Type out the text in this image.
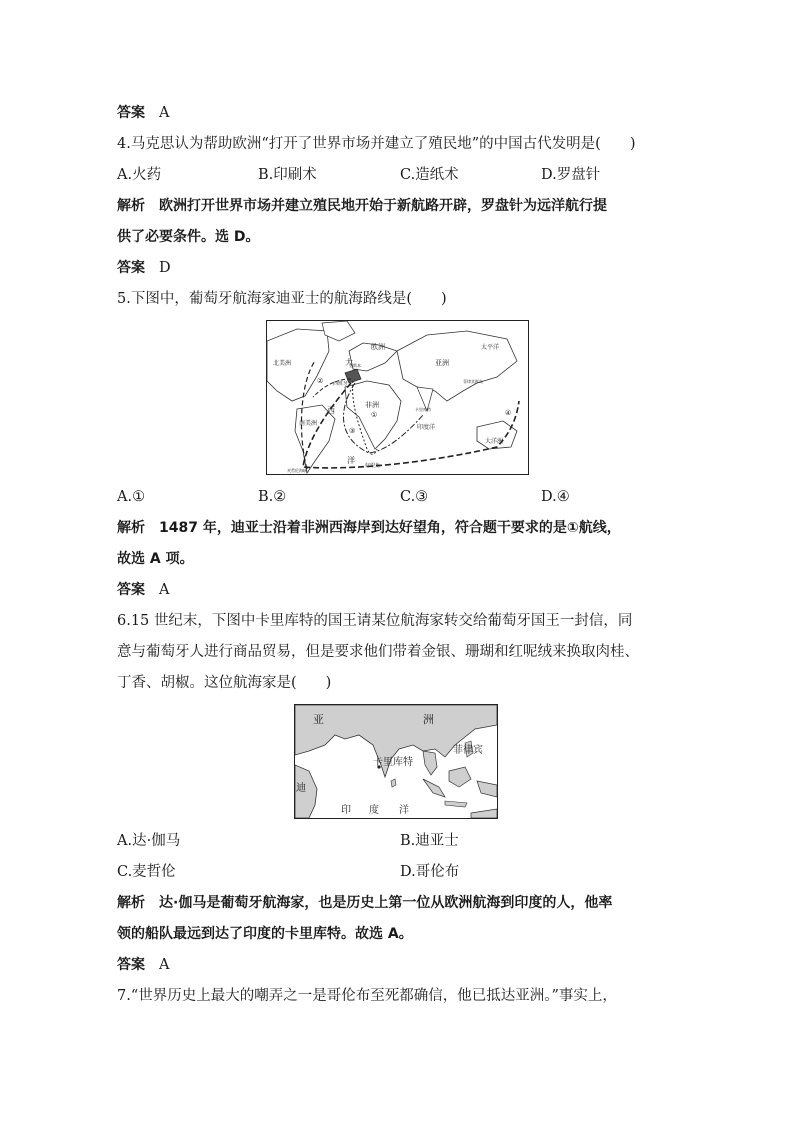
答案 A
4.马克思认为帮助欧洲“打开了世界市场并建立了殖民地”的中国古代发明是(　　)
A.火药	B.印刷术	C.造纸术	D.罗盘针
解析 欧洲打开世界市场并建立殖民地开始于新航路开辟，罗盘针为远洋航行提
供了必要条件。选 D。
答案 D
5.下图中，葡萄牙航海家迪亚士的航海路线是(　　)
大
欧洲
北美洲	亚洲
太平洋
西
非洲
南美洲
印度洋
大洋洲
洋
好望角
里斯本
西班牙
卡里库特
菲律宾群岛
麦哲伦海峡
①
②
③
④
A.①	B.②	C.③	D.④
解析 1487 年，迪亚士沿着非洲西海岸到达好望角，符合题干要求的是①航线，
故选 A 项。
答案 A
6.15 世纪末，下图中卡里库特的国王请某位航海家转交给葡萄牙国王一封信，同
意与葡萄牙人进行商品贸易，但是要求他们带着金银、珊瑚和红呢绒来换取肉桂、
丁香、胡椒。这位航海家是(　　)
亚	洲
菲律宾
卡里库特
迪
印 度 洋
A.达·伽马	B.迪亚士
C.麦哲伦	D.哥伦布
解析 达·伽马是葡萄牙航海家，也是历史上第一位从欧洲航海到印度的人，他率
领的船队最远到达了印度的卡里库特。故选 A。
答案 A
7.“世界历史上最大的嘲弄之一是哥伦布至死都确信，他已抵达亚洲。”事实上，
